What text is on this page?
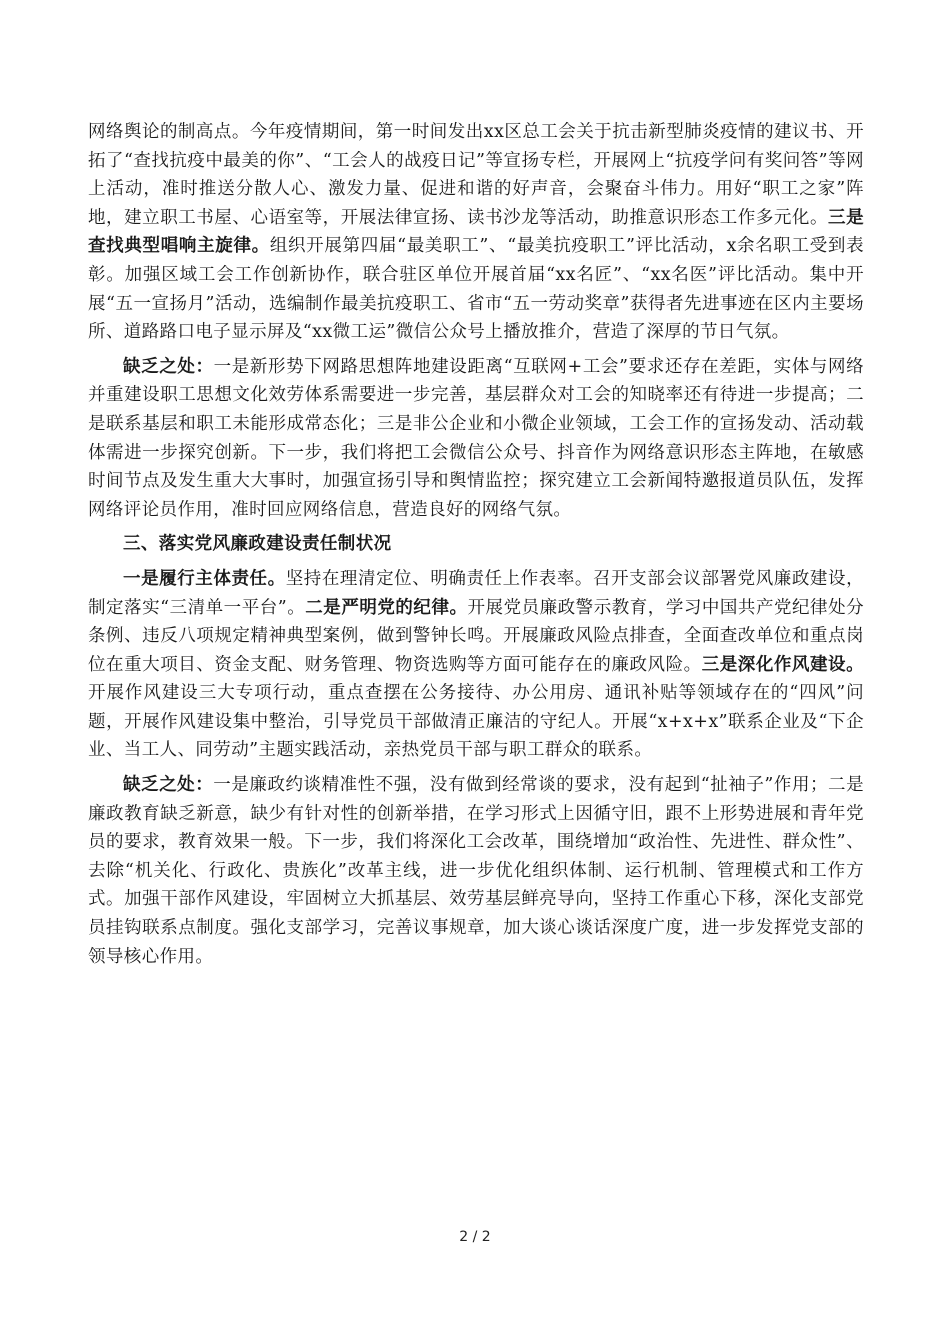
网络舆论的制高点。今年疫情期间，第一时间发出xx区总工会关于抗击新型肺炎疫情的建议书、开拓了“查找抗疫中最美的你”、“工会人的战疫日记”等宣扬专栏，开展网上“抗疫学问有奖问答”等网上活动，准时推送分散人心、激发力量、促进和谐的好声音，会聚奋斗伟力。用好“职工之家”阵地，建立职工书屋、心语室等，开展法律宣扬、读书沙龙等活动，助推意识形态工作多元化。三是查找典型唱响主旋律。组织开展第四届“最美职工”、“最美抗疫职工”评比活动，x余名职工受到表彰。加强区域工会工作创新协作，联合驻区单位开展首届“xx名匠”、“xx名医”评比活动。集中开展“五一宣扬月”活动，选编制作最美抗疫职工、省市“五一劳动奖章”获得者先进事迹在区内主要场所、道路路口电子显示屏及“xx微工运”微信公众号上播放推介，营造了深厚的节日气氛。

缺乏之处：一是新形势下网路思想阵地建设距离“互联网+工会”要求还存在差距，实体与网络并重建设职工思想文化效劳体系需要进一步完善，基层群众对工会的知晓率还有待进一步提高；二是联系基层和职工未能形成常态化；三是非公企业和小微企业领域，工会工作的宣扬发动、活动载体需进一步探究创新。下一步，我们将把工会微信公众号、抖音作为网络意识形态主阵地，在敏感时间节点及发生重大大事时，加强宣扬引导和舆情监控；探究建立工会新闻特邀报道员队伍，发挥网络评论员作用，准时回应网络信息，营造良好的网络气氛。

三、落实党风廉政建设责任制状况

一是履行主体责任。坚持在理清定位、明确责任上作表率。召开支部会议部署党风廉政建设，制定落实“三清单一平台”。二是严明党的纪律。开展党员廉政警示教育，学习中国共产党纪律处分条例、违反八项规定精神典型案例，做到警钟长鸣。开展廉政风险点排查，全面查改单位和重点岗位在重大项目、资金支配、财务管理、物资选购等方面可能存在的廉政风险。三是深化作风建设。开展作风建设三大专项行动，重点查摆在公务接待、办公用房、通讯补贴等领域存在的“四风”问题，开展作风建设集中整治，引导党员干部做清正廉洁的守纪人。开展“x+x+x”联系企业及“下企业、当工人、同劳动”主题实践活动，亲热党员干部与职工群众的联系。

缺乏之处：一是廉政约谈精准性不强，没有做到经常谈的要求，没有起到“扯袖子”作用；二是廉政教育缺乏新意，缺少有针对性的创新举措，在学习形式上因循守旧，跟不上形势进展和青年党员的要求，教育效果一般。下一步，我们将深化工会改革，围绕增加“政治性、先进性、群众性”、去除“机关化、行政化、贵族化”改革主线，进一步优化组织体制、运行机制、管理模式和工作方式。加强干部作风建设，牢固树立大抓基层、效劳基层鲜亮导向，坚持工作重心下移，深化支部党员挂钩联系点制度。强化支部学习，完善议事规章，加大谈心谈话深度广度，进一步发挥党支部的领导核心作用。

2 / 2
